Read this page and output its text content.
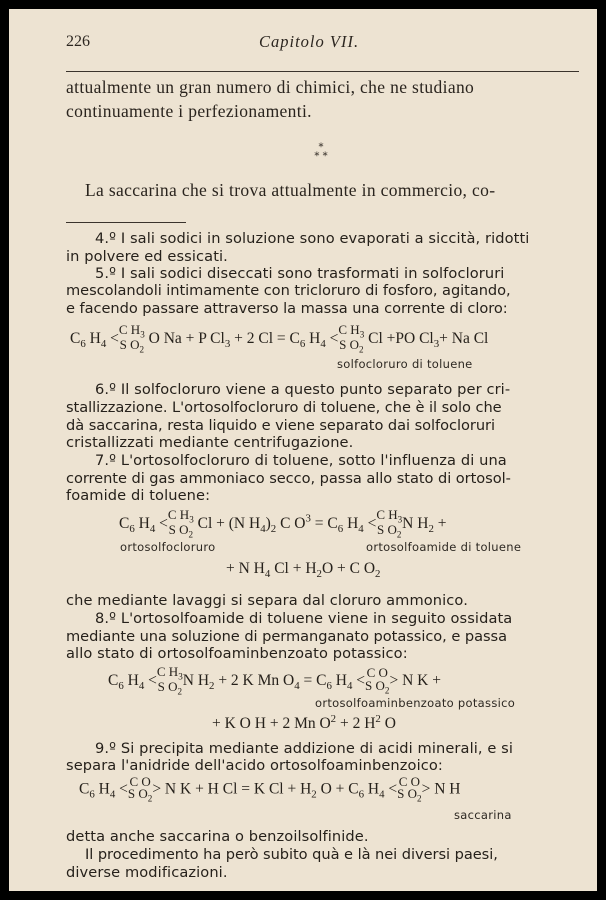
226	Capitolo VII.
attualmente un gran numero di chimici, che ne studiano
continuamente i perfezionamenti.
*
* *
La saccarina che si trova attualmente in commercio, co-
4.º I sali sodici in soluzione sono evaporati a siccità, ridotti
in polvere ed essicati.
5.º I sali sodici diseccati sono trasformati in solfocloruri
mescolandoli intimamente con tricloruro di fosforo, agitando,
e facendo passare attraverso la massa una corrente di cloro:
$C_6$ $H_4$ <
C $H_3$
S $O_2$
O Na + P $Cl_3 + 2$ $Cl = C_6$ $H_4$ <
C $H_3$
S $O_2$
Cl +PO $Cl_3+ Na$ Cl
solfocloruro di toluene
6.º Il solfocloruro viene a questo punto separato per cri-
stallizzazione. L'ortosolfocloruro di toluene, che è il solo che
dà saccarina, resta liquido e viene separato dai solfocloruri
cristallizzati mediante centrifugazione.
7.º L'ortosolfocloruro di toluene, sotto l'influenza di una
corrente di gas ammoniaco secco, passa allo stato di ortosol-
foamide di toluene:
$C_6$ $H_4$ <
C $H_3$
S $O_2$
Cl + (N $H_4)_2$ C $O^3 = C_6$ $H_4$ <
C $H_3$
S $O_2$
N $H_2$ +
ortosolfocloruro	ortosolfoamide di toluene
+ N $H_4$ $Cl + H_2O + C$ $O_2$
che mediante lavaggi si separa dal cloruro ammonico.
8.º L'ortosolfoamide di toluene viene in seguito ossidata
mediante una soluzione di permanganato potassico, e passa
allo stato di ortosolfoaminbenzoato potassico:
$C_6$ $H_4$ <
C $H_3$
S $O_2$
N $H_2 + 2$ K Mn $O_4 = C_6$ $H_4 < C$ O
S $O_2$
> N K +
ortosolfoaminbenzoato potassico
+ K O H + 2 Mn $O^2 + 2$ $H^2$ O
9.º Si precipita mediante addizione di acidi minerali, e si
separa l'anidride dell'acido ortosolfoaminbenzoico:
$C_6$ $H_4 < C$ O
S $O_2$
> N K + H Cl = K $Cl + H_2$ $O + C_6$ $H_4 < C$ O
S $O_2$
> N H
saccarina
detta anche saccarina o benzoilsolfinide.
Il procedimento ha però subito quà e là nei diversi paesi,
diverse modificazioni.
